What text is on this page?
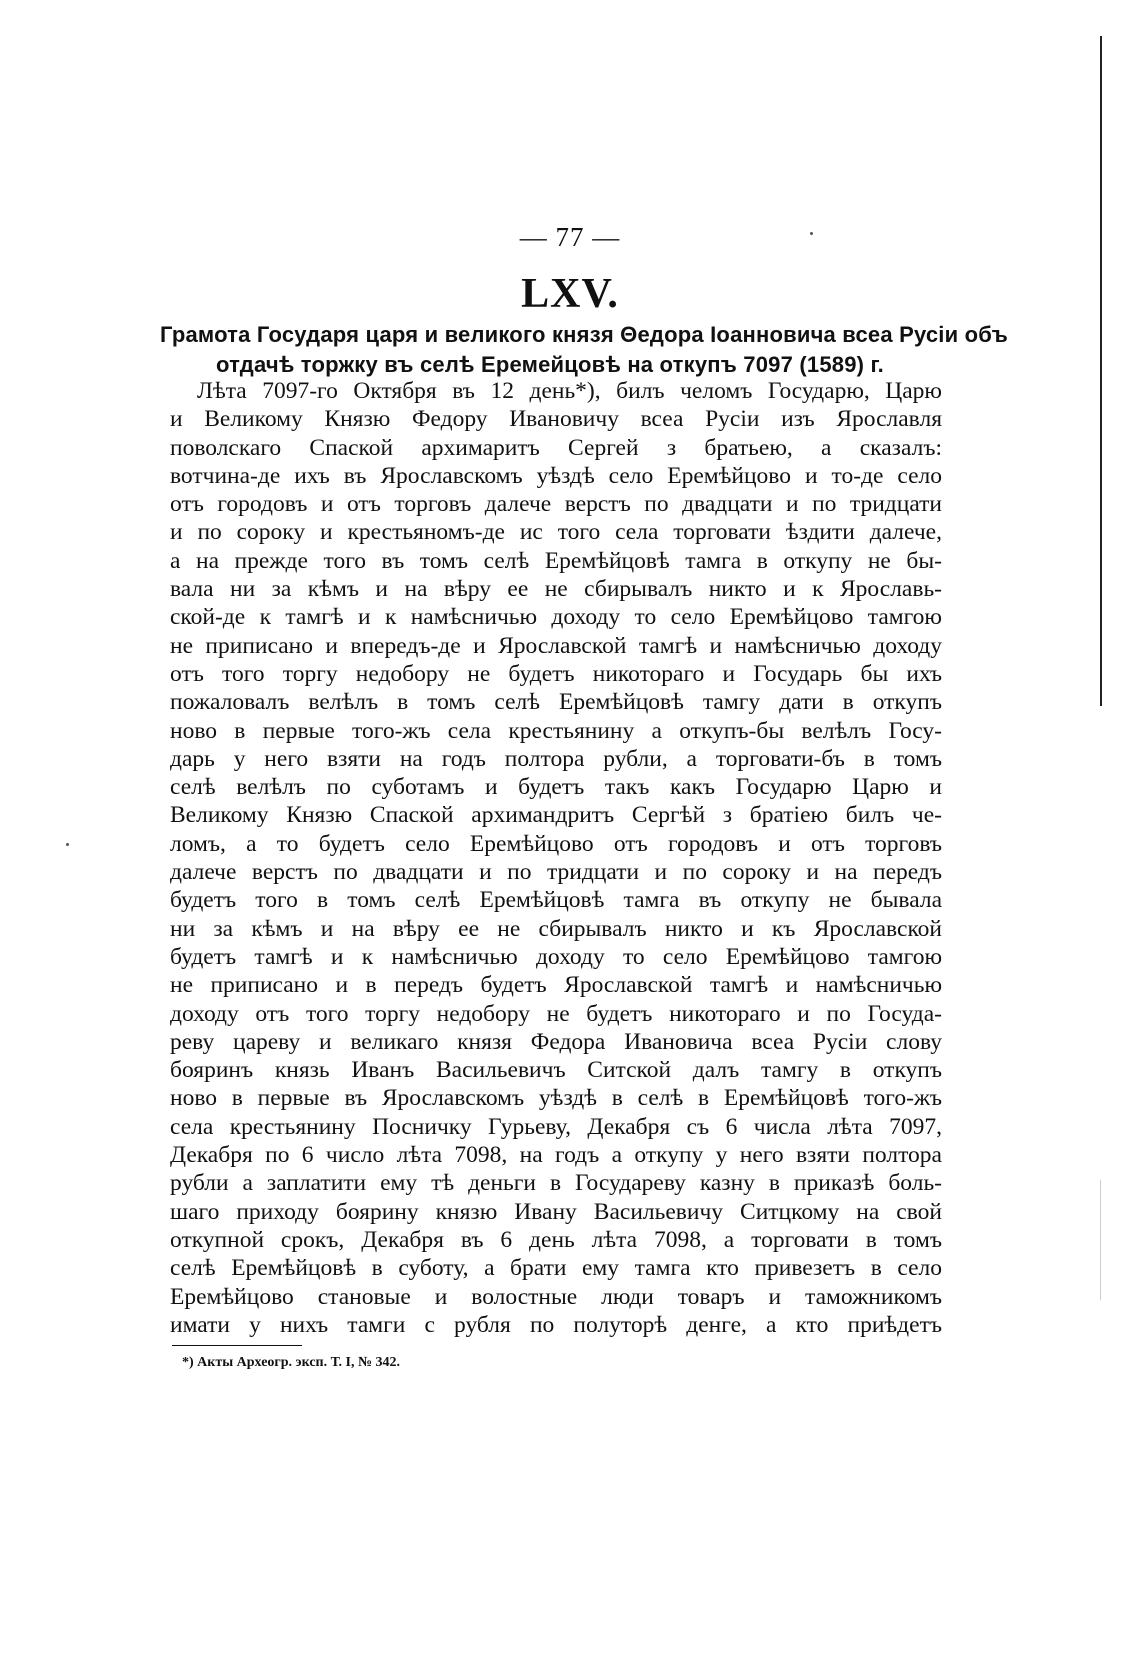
— 77 —
LXV.
Грамота Государя царя и великого князя Θедора Іоанновича всеа Русіи объ
отдачѣ торжку въ селѣ Еремейцовѣ на откупъ 7097 (1589) г.
Лѣта 7097-го Октября въ 12 день*), билъ челомъ Государю, Царю
и Великому Князю Федору Ивановичу всеа Русіи изъ Ярославля
поволскаго Спаской архимаритъ Сергей з братьею, а сказалъ:
вотчина-де ихъ въ Ярославскомъ уѣздѣ село Еремѣйцово и то-де село
отъ городовъ и отъ торговъ далече верстъ по двадцати и по тридцати
и по сороку и крестьяномъ-де ис того села торговати ѣздити далече,
а на прежде того въ томъ селѣ Еремѣйцовѣ тамга в откупу не бы-
вала ни за кѣмъ и на вѣру ее не сбирывалъ никто и к Ярославь-
ской-де к тамгѣ и к намѣсничью доходу то село Еремѣйцово тамгою
не приписано и впередъ-де и Ярославской тамгѣ и намѣсничью доходу
отъ того торгу недобору не будетъ никотораго и Государь бы ихъ
пожаловалъ велѣлъ в томъ селѣ Еремѣйцовѣ тамгу дати в откупъ
ново в первые того-жъ села крестьянину а откупъ-бы велѣлъ Госу-
дарь у него взяти на годъ полтора рубли, а торговати-бъ в томъ
селѣ велѣлъ по суботамъ и будетъ такъ какъ Государю Царю и
Великому Князю Спаской архимандритъ Сергѣй з братіею билъ че-
ломъ, а то будетъ село Еремѣйцово отъ городовъ и отъ торговъ
далече верстъ по двадцати и по тридцати и по сороку и на передъ
будетъ того в томъ селѣ Еремѣйцовѣ тамга въ откупу не бывала
ни за кѣмъ и на вѣру ее не сбирывалъ никто и къ Ярославской
будетъ тамгѣ и к намѣсничью доходу то село Еремѣйцово тамгою
не приписано и в передъ будетъ Ярославской тамгѣ и намѣсничью
доходу отъ того торгу недобору не будетъ никотораго и по Госуда-
реву цареву и великаго князя Федора Ивановича всеа Русіи слову
бояринъ князь Иванъ Васильевичъ Ситской далъ тамгу в откупъ
ново в первые въ Ярославскомъ уѣздѣ в селѣ в Еремѣйцовѣ того-жъ
села крестьянину Посничку Гурьеву, Декабря съ 6 числа лѣта 7097,
Декабря по 6 число лѣта 7098, на годъ а откупу у него взяти полтора
рубли а заплатити ему тѣ деньги в Государеву казну в приказѣ боль-
шаго приходу боярину князю Ивану Васильевичу Ситцкому на свой
откупной срокъ, Декабря въ 6 день лѣта 7098, а торговати в томъ
селѣ Еремѣйцовѣ в суботу, а брати ему тамга кто привезетъ в село
Еремѣйцово становые и волостные люди товаръ и таможникомъ
имати у нихъ тамги с рубля по полуторѣ денге, а кто приѣдетъ
*) Акты Археогр. эксп. Т. I, № 342.
